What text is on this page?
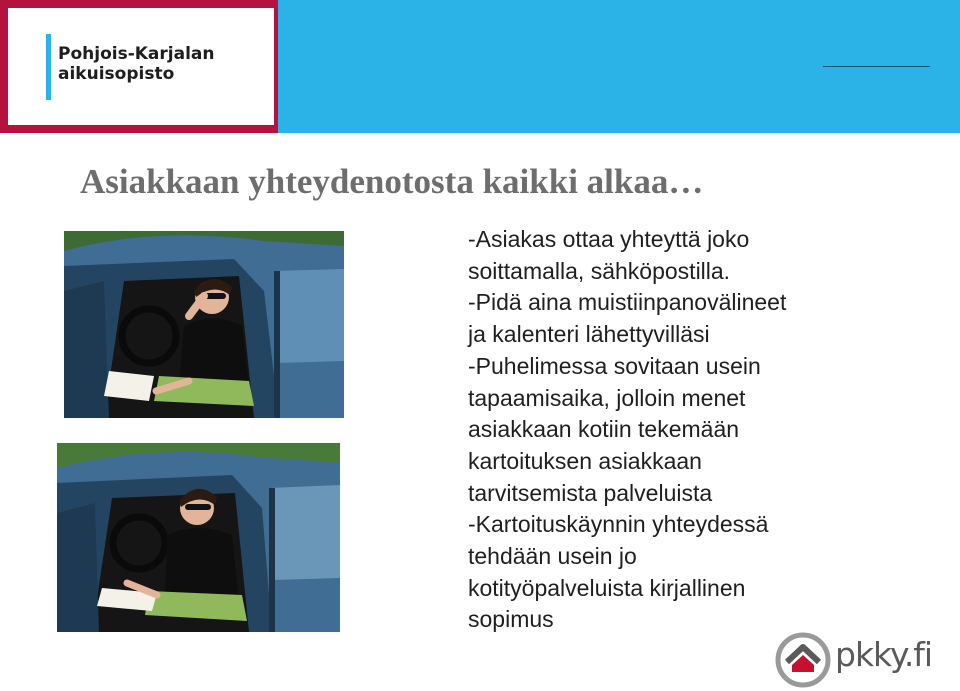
Pohjois-Karjalan
aikuisopisto
Asiakkaan yhteydenotosta kaikki alkaa…
-Asiakas ottaa yhteyttä joko
soittamalla, sähköpostilla.
-Pidä aina muistiinpanovälineet
ja kalenteri lähettyvilläsi
-Puhelimessa sovitaan usein
tapaamisaika, jolloin menet
asiakkaan kotiin tekemään
kartoituksen asiakkaan
tarvitsemista palveluista
-Kartoituskäynnin yhteydessä
tehdään usein jo
kotityöpalveluista kirjallinen
sopimus
pkky.fi
